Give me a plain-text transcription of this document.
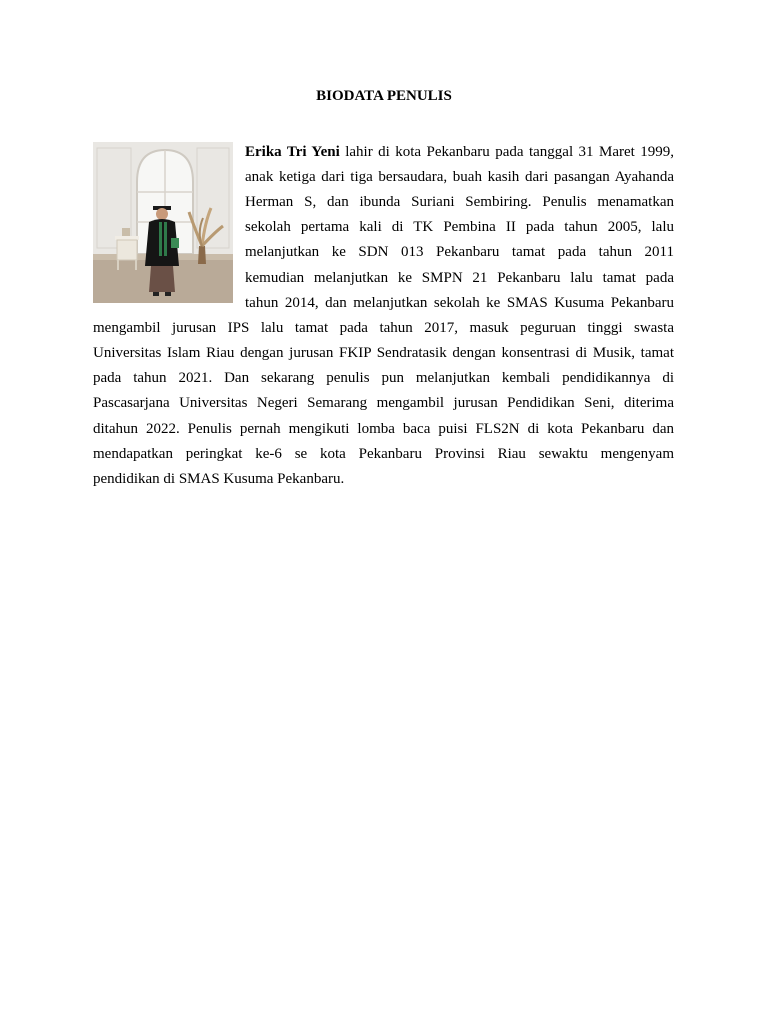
BIODATA PENULIS
Erika Tri Yeni lahir di kota Pekanbaru pada tanggal 31 Maret 1999,
anak ketiga dari tiga bersaudara, buah kasih dari pasangan Ayahanda
Herman S, dan ibunda Suriani Sembiring. Penulis menamatkan
sekolah pertama kali di TK Pembina II pada tahun 2005, lalu
melanjutkan ke SDN 013 Pekanbaru tamat pada tahun 2011
kemudian melanjutkan ke SMPN 21 Pekanbaru lalu tamat pada
tahun 2014, dan melanjutkan sekolah ke SMAS Kusuma Pekanbaru
mengambil jurusan IPS lalu tamat pada tahun 2017, masuk peguruan tinggi swasta
Universitas Islam Riau dengan jurusan FKIP Sendratasik dengan konsentrasi di Musik, tamat
pada tahun 2021. Dan sekarang penulis pun melanjutkan kembali pendidikannya di
Pascasarjana Universitas Negeri Semarang mengambil jurusan Pendidikan Seni, diterima
ditahun 2022. Penulis pernah mengikuti lomba baca puisi FLS2N di kota Pekanbaru dan
mendapatkan peringkat ke-6 se kota Pekanbaru Provinsi Riau sewaktu mengenyam
pendidikan di SMAS Kusuma Pekanbaru.
